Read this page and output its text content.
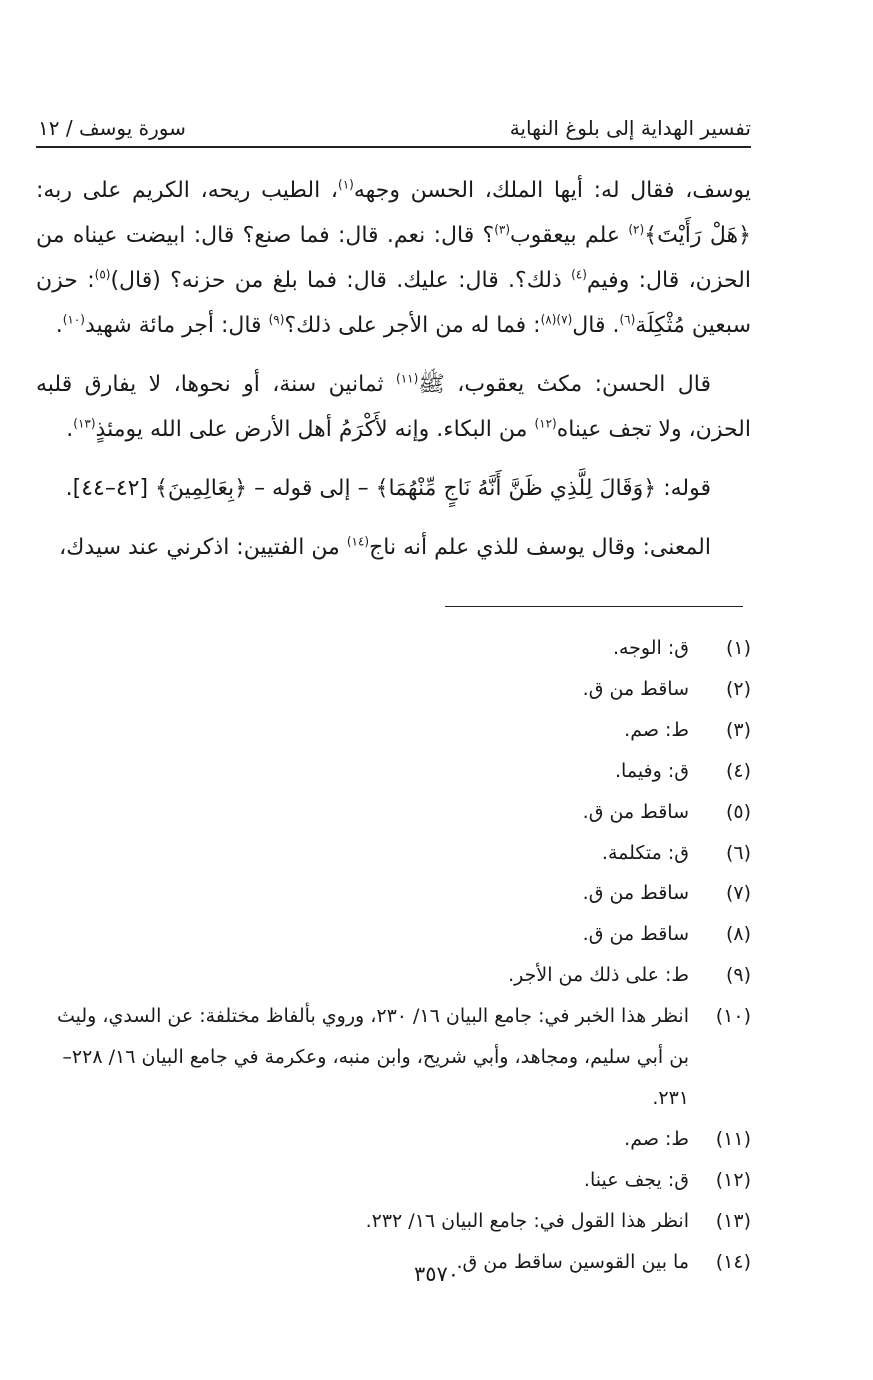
تفسير الهداية إلى بلوغ النهاية
سورة يوسف / ١٢

يوسف، فقال له: أيها الملك، الحسن وجهه$^{(١)}$، الطيب ريحه، الكريم على ربه: ﴿هَلْ رَأَيْتَ﴾$^{(٢)}$ علم بيعقوب$^{(٣)}$؟ قال: نعم. قال: فما صنع؟ قال: ابيضت عيناه من الحزن، قال: وفيم$^{(٤)}$ ذلك؟. قال: عليك. قال: فما بلغ من حزنه؟ (قال)$^{(٥)}$: حزن سبعين مُثْكِلَة$^{(٦)}$. قال$^{(٧)(٨)}$: فما له من الأجر على ذلك؟$^{(٩)}$ قال: أجر مائة شهيد$^{(١٠)}$.

قال الحسن: مكث يعقوب، ﷺ$^{(١١)}$ ثمانين سنة، أو نحوها، لا يفارق قلبه الحزن، ولا تجف عيناه$^{(١٢)}$ من البكاء. وإنه لأَكْرَمُ أهل الأرض على الله يومئذٍ$^{(١٣)}$.

قوله: ﴿وَقَالَ لِلَّذِي ظَنَّ أَنَّهُ نَاجٍ مِّنْهُمَا﴾ – إلى قوله – ﴿بِعَالِمِينَ﴾ [٤٢–٤٤].

المعنى: وقال يوسف للذي علم أنه ناج$^{(١٤)}$ من الفتيين: اذكرني عند سيدك،

(١)
ق: الوجه.
(٢)
ساقط من ق.
(٣)
ط: صم.
(٤)
ق: وفيما.
(٥)
ساقط من ق.
(٦)
ق: متكلمة.
(٧)
ساقط من ق.
(٨)
ساقط من ق.
(٩)
ط: على ذلك من الأجر.
(١٠)
انظر هذا الخبر في: جامع البيان ١٦/ ٢٣٠، وروي بألفاظ مختلفة: عن السدي، وليث بن أبي سليم، ومجاهد، وأبي شريح، وابن منبه، وعكرمة في جامع البيان ١٦/ ٢٢٨–٢٣١.
(١١)
ط: صم.
(١٢)
ق: يجف عينا.
(١٣)
انظر هذا القول في: جامع البيان ١٦/ ٢٣٢.
(١٤)
ما بين القوسين ساقط من ق.
٣٥٧٠
